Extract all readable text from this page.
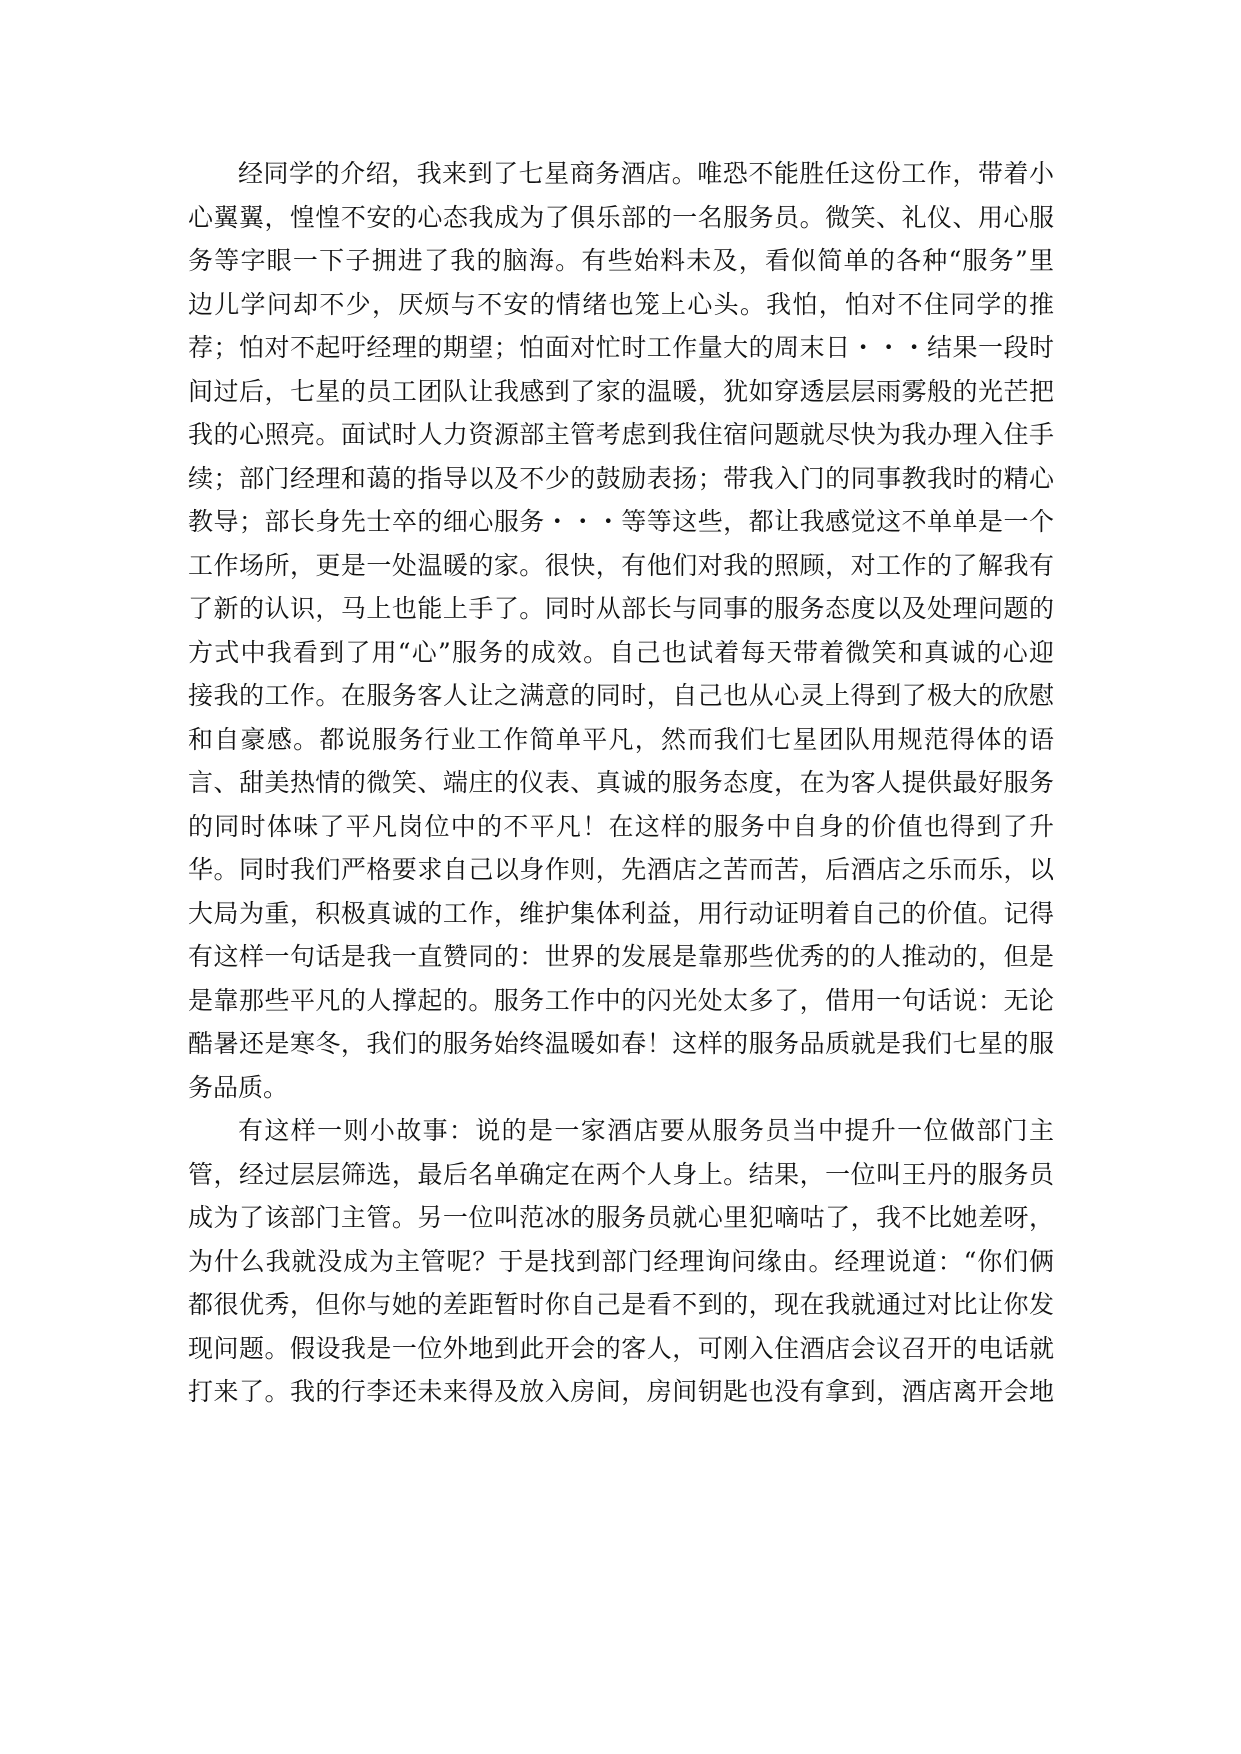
经同学的介绍，我来到了七星商务酒店。唯恐不能胜任这份工作，带着小
心翼翼，惶惶不安的心态我成为了俱乐部的一名服务员。微笑、礼仪、用心服
务等字眼一下子拥进了我的脑海。有些始料未及，看似简单的各种“服务”里
边儿学问却不少，厌烦与不安的情绪也笼上心头。我怕，怕对不住同学的推
荐；怕对不起吁经理的期望；怕面对忙时工作量大的周末日・・・结果一段时
间过后，七星的员工团队让我感到了家的温暖，犹如穿透层层雨雾般的光芒把
我的心照亮。面试时人力资源部主管考虑到我住宿问题就尽快为我办理入住手
续；部门经理和蔼的指导以及不少的鼓励表扬；带我入门的同事教我时的精心
教导；部长身先士卒的细心服务・・・等等这些，都让我感觉这不单单是一个
工作场所，更是一处温暖的家。很快，有他们对我的照顾，对工作的了解我有
了新的认识，马上也能上手了。同时从部长与同事的服务态度以及处理问题的
方式中我看到了用“心”服务的成效。自己也试着每天带着微笑和真诚的心迎
接我的工作。在服务客人让之满意的同时，自己也从心灵上得到了极大的欣慰
和自豪感。都说服务行业工作简单平凡，然而我们七星团队用规范得体的语
言、甜美热情的微笑、端庄的仪表、真诚的服务态度，在为客人提供最好服务
的同时体味了平凡岗位中的不平凡！在这样的服务中自身的价值也得到了升
华。同时我们严格要求自己以身作则，先酒店之苦而苦，后酒店之乐而乐，以
大局为重，积极真诚的工作，维护集体利益，用行动证明着自己的价值。记得
有这样一句话是我一直赞同的：世界的发展是靠那些优秀的的人推动的，但是
是靠那些平凡的人撑起的。服务工作中的闪光处太多了，借用一句话说：无论
酷暑还是寒冬，我们的服务始终温暖如春！这样的服务品质就是我们七星的服
务品质。
有这样一则小故事：说的是一家酒店要从服务员当中提升一位做部门主
管，经过层层筛选，最后名单确定在两个人身上。结果，一位叫王丹的服务员
成为了该部门主管。另一位叫范冰的服务员就心里犯嘀咕了，我不比她差呀，
为什么我就没成为主管呢？于是找到部门经理询问缘由。经理说道：“你们俩
都很优秀，但你与她的差距暂时你自己是看不到的，现在我就通过对比让你发
现问题。假设我是一位外地到此开会的客人，可刚入住酒店会议召开的电话就
打来了。我的行李还未来得及放入房间，房间钥匙也没有拿到，酒店离开会地
